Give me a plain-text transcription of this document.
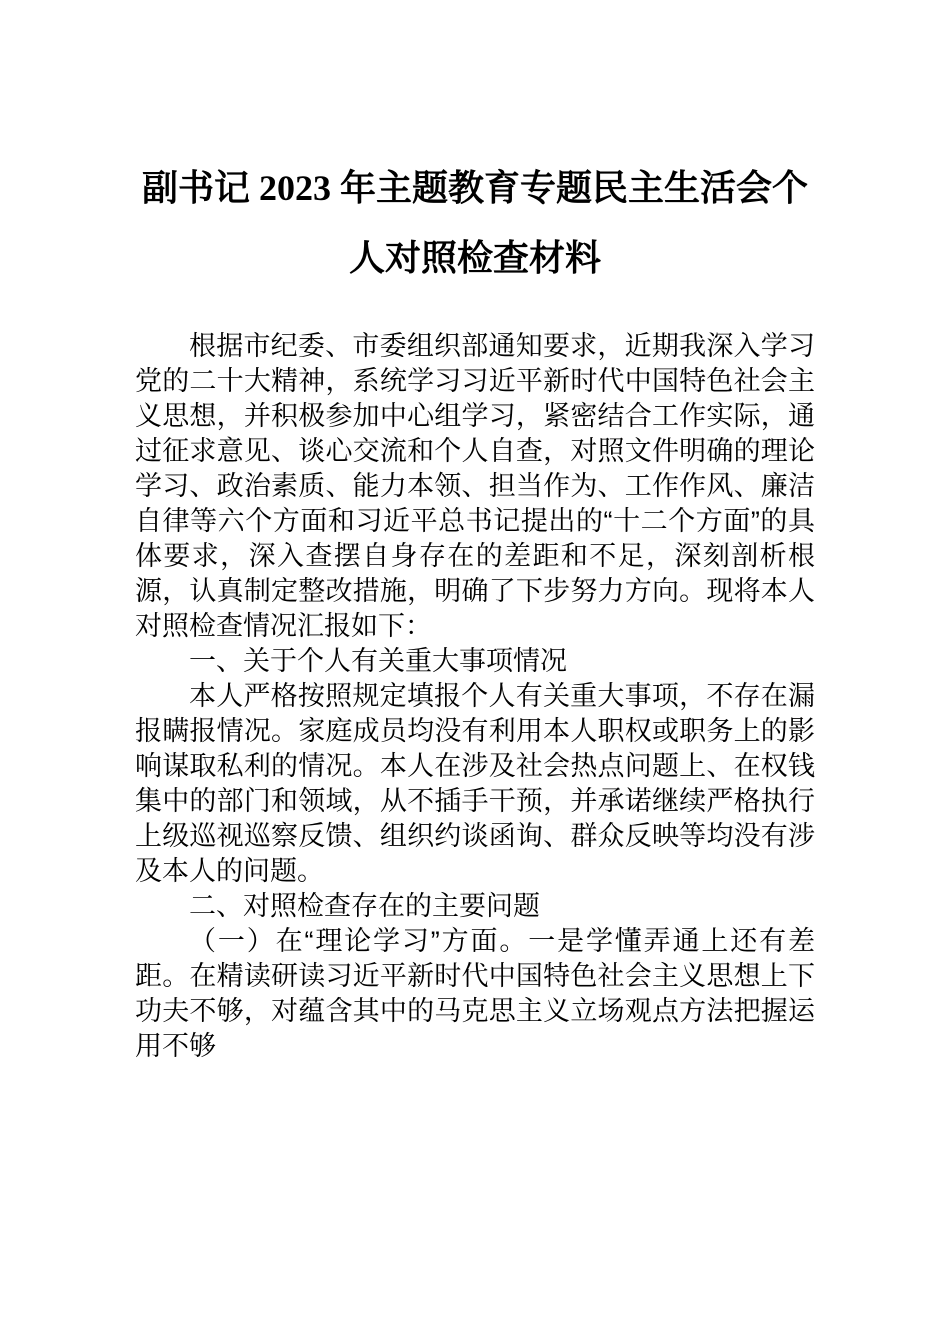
副书记 2023 年主题教育专题民主生活会个人对照检查材料

根据市纪委、市委组织部通知要求，近期我深入学习党的二十大精神，系统学习习近平新时代中国特色社会主义思想，并积极参加中心组学习，紧密结合工作实际，通过征求意见、谈心交流和个人自查，对照文件明确的理论学习、政治素质、能力本领、担当作为、工作作风、廉洁自律等六个方面和习近平总书记提出的“十二个方面”的具体要求，深入查摆自身存在的差距和不足，深刻剖析根源，认真制定整改措施，明确了下步努力方向。现将本人对照检查情况汇报如下：

一、关于个人有关重大事项情况

本人严格按照规定填报个人有关重大事项，不存在漏报瞒报情况。家庭成员均没有利用本人职权或职务上的影响谋取私利的情况。本人在涉及社会热点问题上、在权钱集中的部门和领域，从不插手干预，并承诺继续严格执行上级巡视巡察反馈、组织约谈函询、群众反映等均没有涉及本人的问题。

二、对照检查存在的主要问题

（一）在“理论学习”方面。一是学懂弄通上还有差距。在精读研读习近平新时代中国特色社会主义思想上下功夫不够，对蕴含其中的马克思主义立场观点方法把握运用不够
